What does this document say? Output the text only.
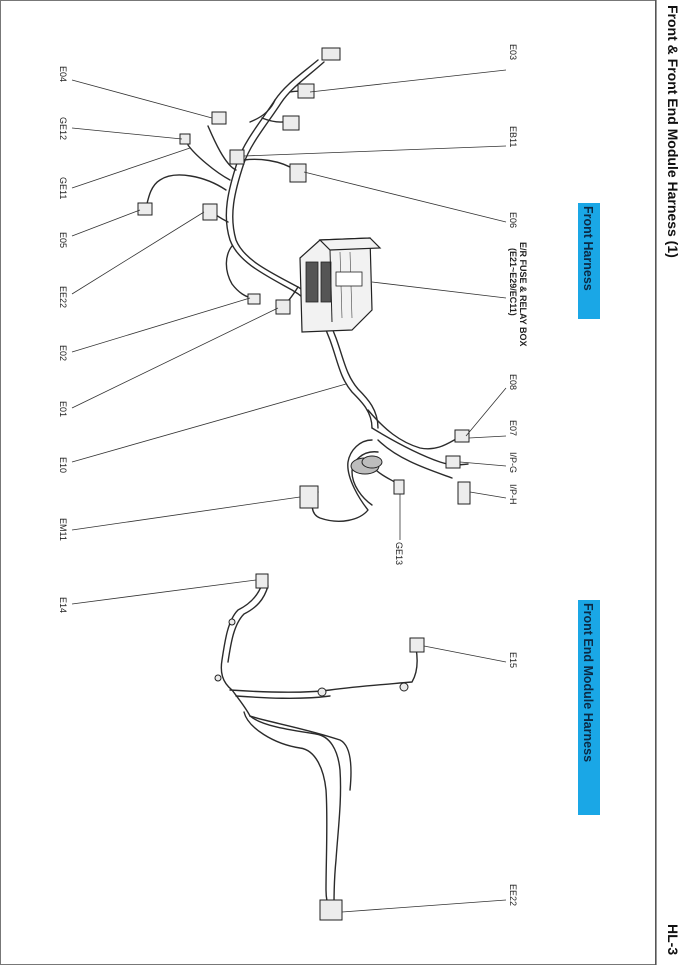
Front & Front End Module Harness (1)
HL-3
Front Harness
Front End Module Harness
E04
GE12
GE11
E05
EE22
E02
E01
E10
EM11
E14
E03
EB11
E06
E/R FUSE & RELAY BOX
(E21~E29/EC11)
E08
E07
I/P-G
I/P-H
GE13
E15
EE22
